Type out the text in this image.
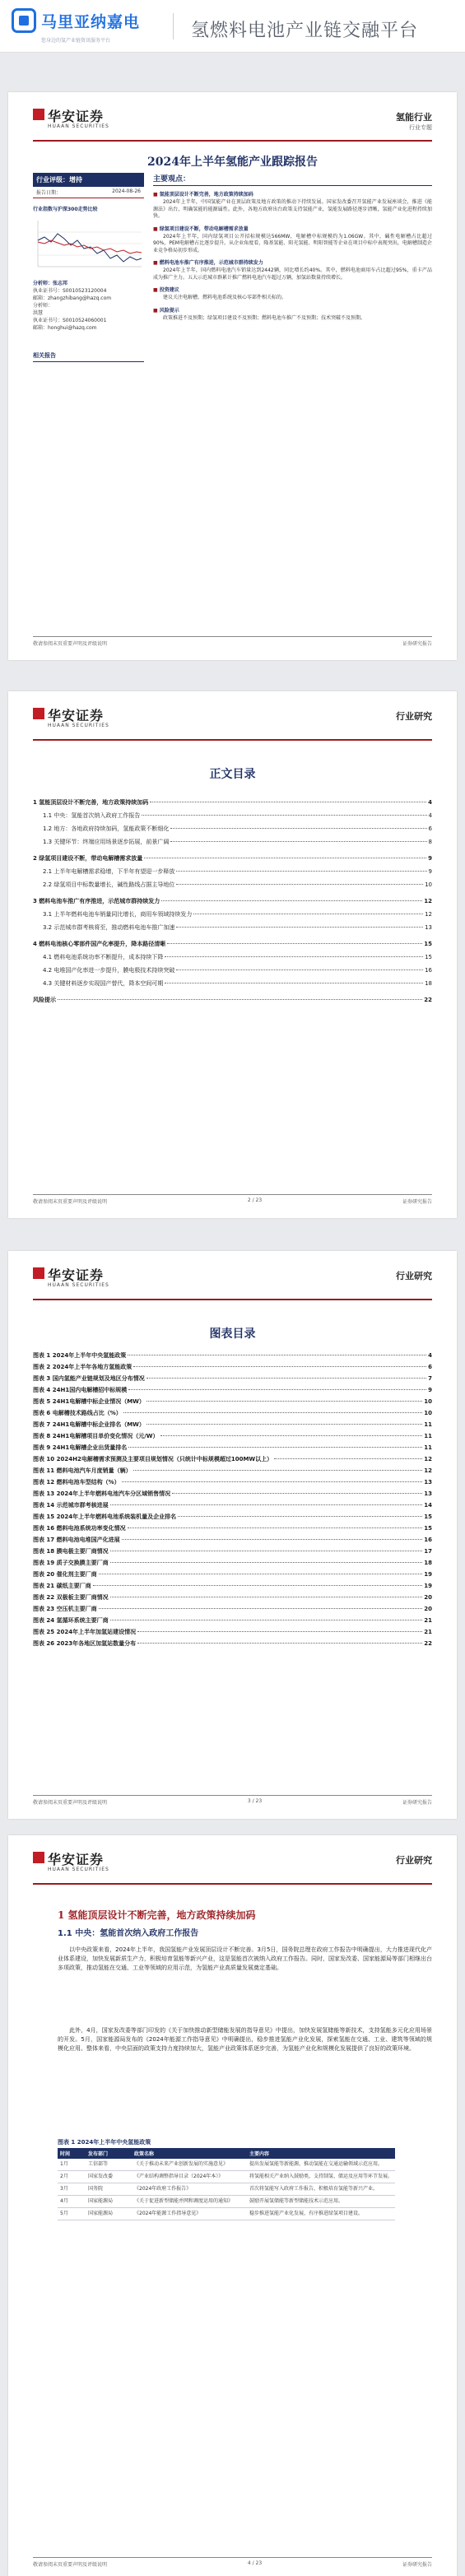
马里亚纳嘉电
您身边的氢产业链资讯服务平台	氢燃料电池产业链交融平台
华安证券
HUAAN SECURITIES
氢能行业
行业专题
2024年上半年氢能产业跟踪报告
行业评级：增持
报告日期：	2024-08-26
行业指数与沪深300走势比较
分析师：张志邦
执业证书号：S0010523120004
邮箱：zhangzhibang@hazq.com
分析师：
洪慧
执业证书号：S0010524060001
邮箱：honghui@hazq.com
相关报告
主要观点：
■ 氢能顶层设计不断完善，地方政策持续加码
2024年上半年，中国氢能产业在顶层政策及地方政策的推动下持续发展。国家发改委召开氢能产业发展座谈会，推进《能源法》出台，明确氢能的能源属性。此外，各地方政府出台政策支持氢能产业，氢能发展路径逐步清晰，氢能产业化进程持续加快。
■ 绿氢项目建设不断，带动电解槽需求放量
2024年上半年，国内绿氢项目公开招标规模达566MW，电解槽中标规模约为1.06GW。其中，碱性电解槽占比超过90%，PEM电解槽占比逐步提升。从企业角度看，隆基氢能、阳光氢能、明阳智能等企业在项目中标中表现突出，电解槽制造企业竞争格局初步形成。
■ 燃料电池车推广有序推进，示范城市群持续发力
2024年上半年，国内燃料电池汽车销量达到2442辆，同比增长约40%。其中，燃料电池商用车占比超过95%，重卡产品成为推广主力。五大示范城市群累计推广燃料电池汽车超过万辆，加氢站数量持续增长。
■ 投资建议
建议关注电解槽、燃料电池系统及核心零部件相关标的。
■ 风险提示
政策推进不及预期；绿氢项目建设不及预期；燃料电池车推广不及预期；技术突破不及预期。
敬请参阅末页重要声明及评级说明	证券研究报告
华安证券
HUAAN SECURITIES
行业研究
正文目录
1 氢能顶层设计不断完善，地方政策持续加码	4
1.1 中央：氢能首次纳入政府工作报告	4
1.2 地方：各地政府持续加码，氢能政策不断细化	6
1.3 关键环节：终端应用场景逐步拓展，前景广阔	8
2 绿氢项目建设不断，带动电解槽需求放量	9
2.1 上半年电解槽需求稳增，下半年有望迎一步释放	9
2.2 绿氢项目中标数量增长，碱性路线占据主导地位	10
3 燃料电池车推广有序推进，示范城市群持续发力	12
3.1 上半年燃料电池车销量同比增长，商用车领域持续发力	12
3.2 示范城市群考核将至，推动燃料电池车推广加速	13
4 燃料电池核心零部件国产化率提升，降本路径清晰	15
4.1 燃料电池系统功率不断提升，成本持续下降	15
4.2 电堆国产化率进一步提升，膜电极技术持续突破	16
4.3 关键材料逐步实现国产替代，降本空间可期	18
风险提示	22
敬请参阅末页重要声明及评级说明	2 / 23	证券研究报告
华安证券
HUAAN SECURITIES
行业研究
图表目录
图表 1 2024年上半年中央氢能政策	4
图表 2 2024年上半年各地方氢能政策	6
图表 3 国内氢能产业链规划及地区分布情况	7
图表 4 24H1国内电解槽招中标规模	9
图表 5 24H1电解槽中标企业情况（MW）	10
图表 6 电解槽技术路线占比（%）	10
图表 7 24H1电解槽中标企业排名（MW）	11
图表 8 24H1电解槽项目单价变化情况（元/W）	11
图表 9 24H1电解槽企业出货量排名	11
图表 10 2024H2电解槽需求预测及主要项目规划情况（只统计中标规模超过100MW以上）	12
图表 11 燃料电池汽车月度销量（辆）	12
图表 12 燃料电池车型结构（%）	13
图表 13 2024年上半年燃料电池汽车分区域销售情况	13
图表 14 示范城市群考核进展	14
图表 15 2024年上半年燃料电池系统装机量及企业排名	15
图表 16 燃料电池系统功率变化情况	15
图表 17 燃料电池电堆国产化进展	16
图表 18 膜电极主要厂商情况	17
图表 19 质子交换膜主要厂商	18
图表 20 催化剂主要厂商	19
图表 21 碳纸主要厂商	19
图表 22 双极板主要厂商情况	20
图表 23 空压机主要厂商	20
图表 24 氢循环系统主要厂商	21
图表 25 2024年上半年加氢站建设情况	21
图表 26 2023年各地区加氢站数量分布	22
敬请参阅末页重要声明及评级说明	3 / 23	证券研究报告
华安证券
HUAAN SECURITIES
行业研究
1 氢能顶层设计不断完善，地方政策持续加码
1.1 中央：氢能首次纳入政府工作报告
以中央政策来看，2024年上半年，我国氢能产业发展顶层设计不断完善。3月5日，国务院总理在政府工作报告中明确提出，大力推进现代化产业体系建设，加快发展新质生产力，积极培育氢能等新兴产业，这是氢能首次被纳入政府工作报告。同时，国家发改委、国家能源局等部门相继出台多项政策，推动氢能在交通、工业等领域的应用示范，为氢能产业高质量发展奠定基础。
此外，4月，国家发改委等部门印发的《关于加快推动新型储能发展的指导意见》中提出，加快发展氢储能等新技术，支持氢能多元化应用场景的开发。5月，国家能源局发布的《2024年能源工作指导意见》中明确提出，稳步推进氢能产业化发展，探索氢能在交通、工业、建筑等领域的规模化应用。整体来看，中央层面的政策支持力度持续加大，氢能产业政策体系逐步完善，为氢能产业化和规模化发展提供了良好的政策环境。
图表 1 2024年上半年中央氢能政策
时间	发布部门	政策名称	主要内容
1月	工信部等	《关于推动未来产业创新发展的实施意见》	提出发展氢能等新能源，推动氢能在交通运输领域示范应用。
2月	国家发改委	《产业结构调整指导目录（2024年本）》	将氢能相关产业纳入鼓励类，支持制氢、储运及应用等环节发展。
3月	国务院	《2024年政府工作报告》	首次将氢能写入政府工作报告，积极培育氢能等新兴产业。
4月	国家能源局	《关于促进新型储能并网和调度运用的通知》	鼓励开展氢储能等新型储能技术示范应用。
5月	国家能源局	《2024年能源工作指导意见》	稳步推进氢能产业化发展，有序推进绿氢项目建设。
敬请参阅末页重要声明及评级说明	4 / 23	证券研究报告
